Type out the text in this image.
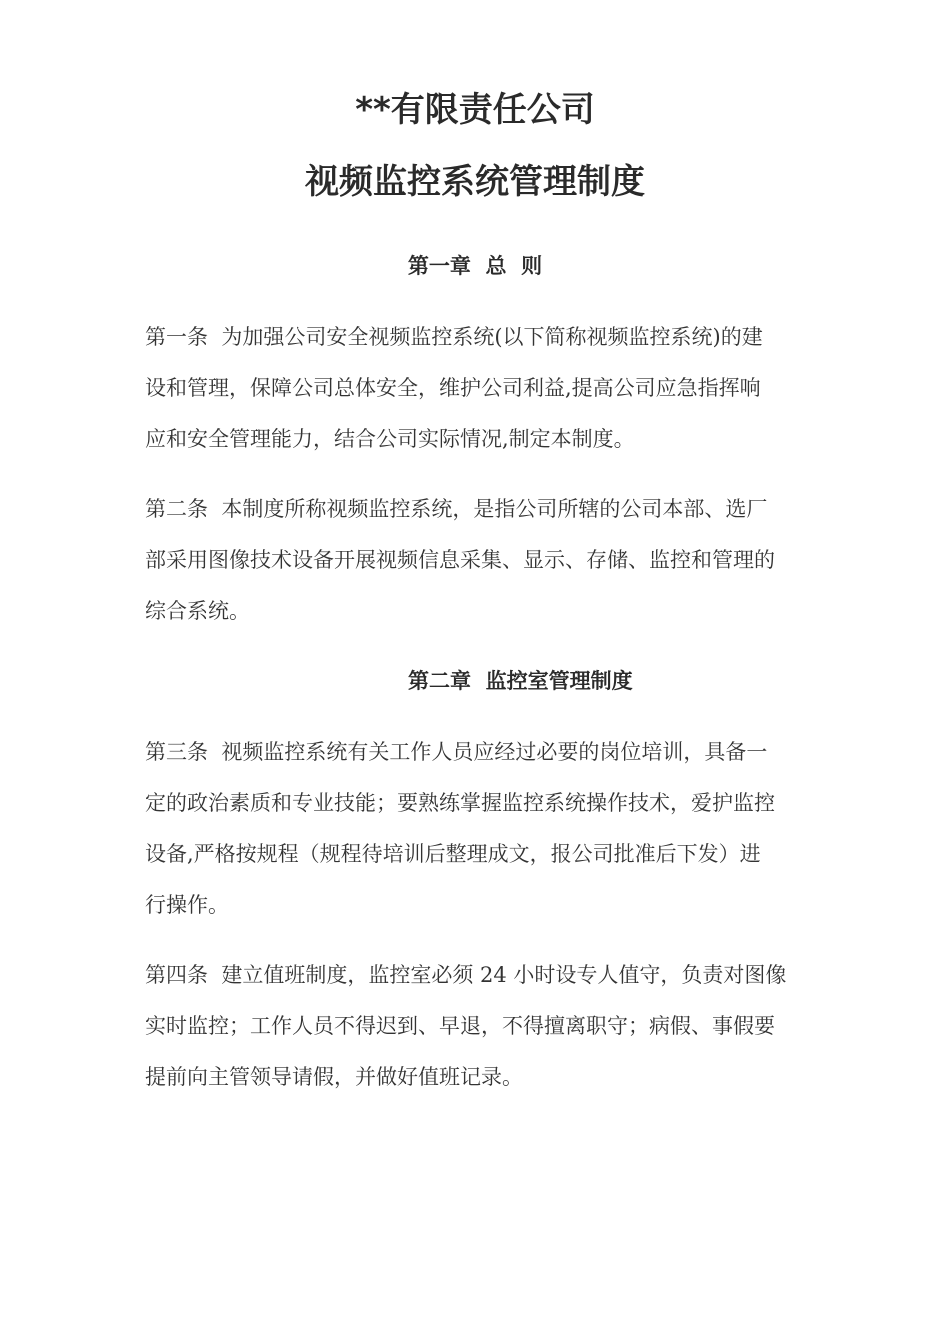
**有限责任公司
视频监控系统管理制度
第一章  总  则
第一条  为加强公司安全视频监控系统(以下简称视频监控系统)的建
设和管理，保障公司总体安全，维护公司利益,提高公司应急指挥响
应和安全管理能力，结合公司实际情况,制定本制度。
第二条  本制度所称视频监控系统，是指公司所辖的公司本部、选厂
部采用图像技术设备开展视频信息采集、显示、存储、监控和管理的
综合系统。
第二章  监控室管理制度
第三条  视频监控系统有关工作人员应经过必要的岗位培训，具备一
定的政治素质和专业技能；要熟练掌握监控系统操作技术，爱护监控
设备,严格按规程（规程待培训后整理成文，报公司批准后下发）进
行操作。
第四条  建立值班制度，监控室必须 24 小时设专人值守，负责对图像
实时监控；工作人员不得迟到、早退，不得擅离职守；病假、事假要
提前向主管领导请假，并做好值班记录。
